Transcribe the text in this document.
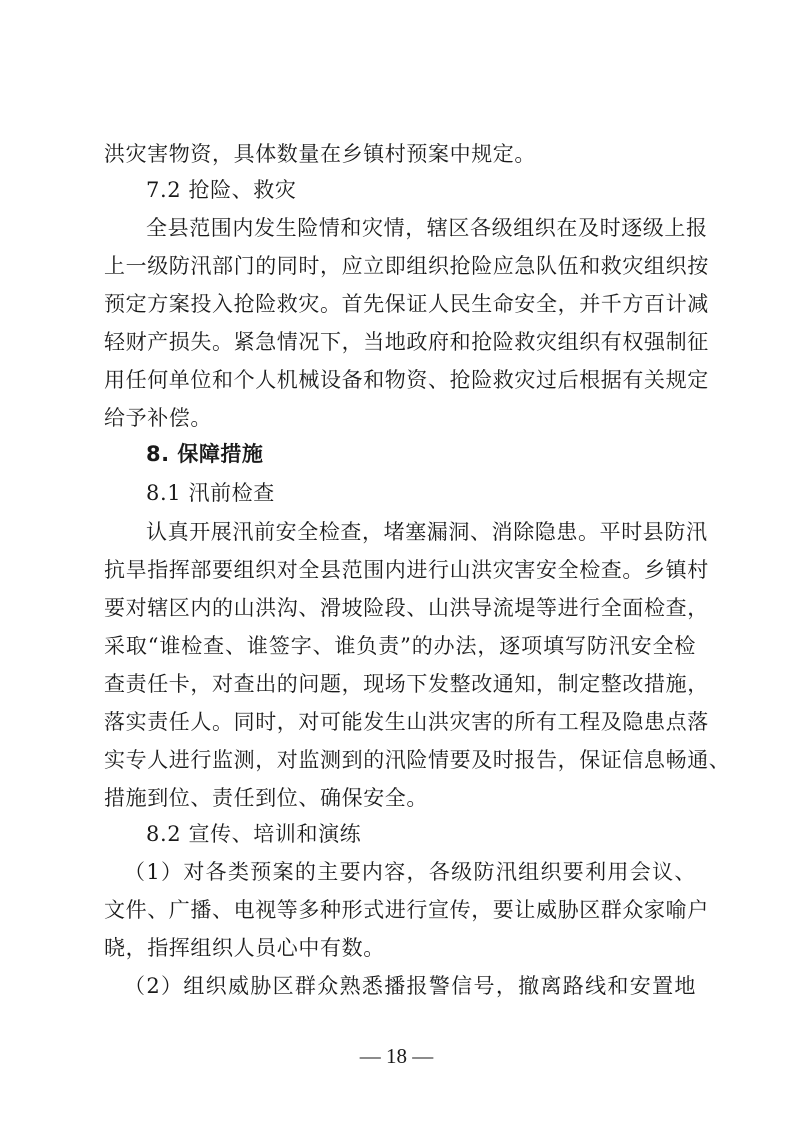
洪灾害物资，具体数量在乡镇村预案中规定。
7.2 抢险、救灾
全县范围内发生险情和灾情，辖区各级组织在及时逐级上报
上一级防汛部门的同时，应立即组织抢险应急队伍和救灾组织按
预定方案投入抢险救灾。首先保证人民生命安全，并千方百计减
轻财产损失。紧急情况下，当地政府和抢险救灾组织有权强制征
用任何单位和个人机械设备和物资、抢险救灾过后根据有关规定
给予补偿。
8. 保障措施
8.1 汛前检查
认真开展汛前安全检查，堵塞漏洞、消除隐患。平时县防汛
抗旱指挥部要组织对全县范围内进行山洪灾害安全检查。乡镇村
要对辖区内的山洪沟、滑坡险段、山洪导流堤等进行全面检查，
采取“谁检查、谁签字、谁负责”的办法，逐项填写防汛安全检
查责任卡，对查出的问题，现场下发整改通知，制定整改措施，
落实责任人。同时，对可能发生山洪灾害的所有工程及隐患点落
实专人进行监测，对监测到的汛险情要及时报告，保证信息畅通、
措施到位、责任到位、确保安全。
8.2 宣传、培训和演练
（1）对各类预案的主要内容，各级防汛组织要利用会议、
文件、广播、电视等多种形式进行宣传，要让威胁区群众家喻户
晓，指挥组织人员心中有数。
（2）组织威胁区群众熟悉播报警信号，撤离路线和安置地
— 18 —
